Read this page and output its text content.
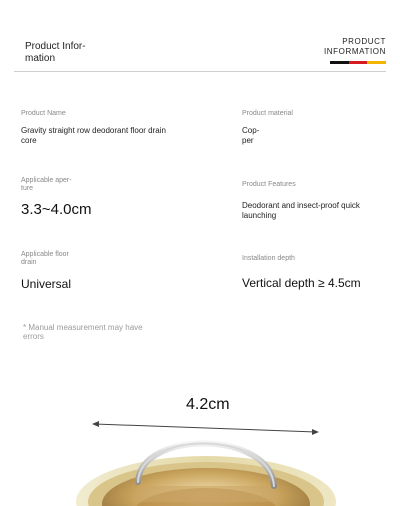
Product Infor-mation
PRODUCT INFORMATION
Product Name
Gravity straight row deodorant floor drain core
Product material
Cop-per
Applicable aper-ture
3.3~4.0cm
Product Features
Deodorant and insect-proof quick launching
Applicable floor drain
Universal
Installation depth
Vertical depth ≥ 4.5cm
* Manual measurement may have errors
4.2cm
